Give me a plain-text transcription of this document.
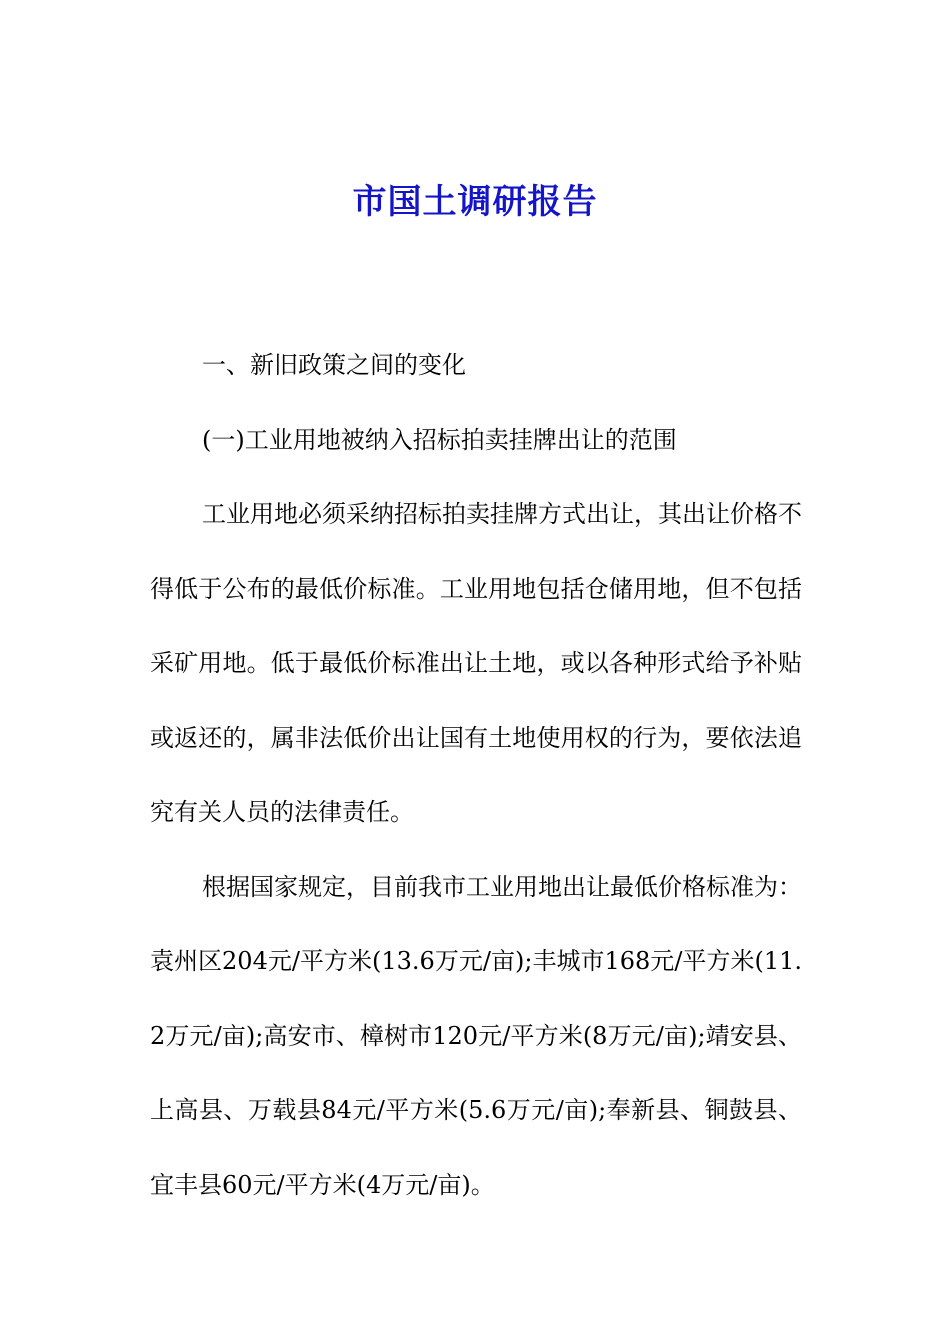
市国土调研报告

一、新旧政策之间的变化

(一)工业用地被纳入招标拍卖挂牌出让的范围

工业用地必须采纳招标拍卖挂牌方式出让，其出让价格不得低于公布的最低价标准。工业用地包括仓储用地，但不包括采矿用地。低于最低价标准出让土地，或以各种形式给予补贴或返还的，属非法低价出让国有土地使用权的行为，要依法追究有关人员的法律责任。

根据国家规定，目前我市工业用地出让最低价格标准为：袁州区204元/平方米(13.6万元/亩);丰城市168元/平方米(11.2万元/亩);高安市、樟树市120元/平方米(8万元/亩);靖安县、上高县、万载县84元/平方米(5.6万元/亩);奉新县、铜鼓县、宜丰县60元/平方米(4万元/亩)。
